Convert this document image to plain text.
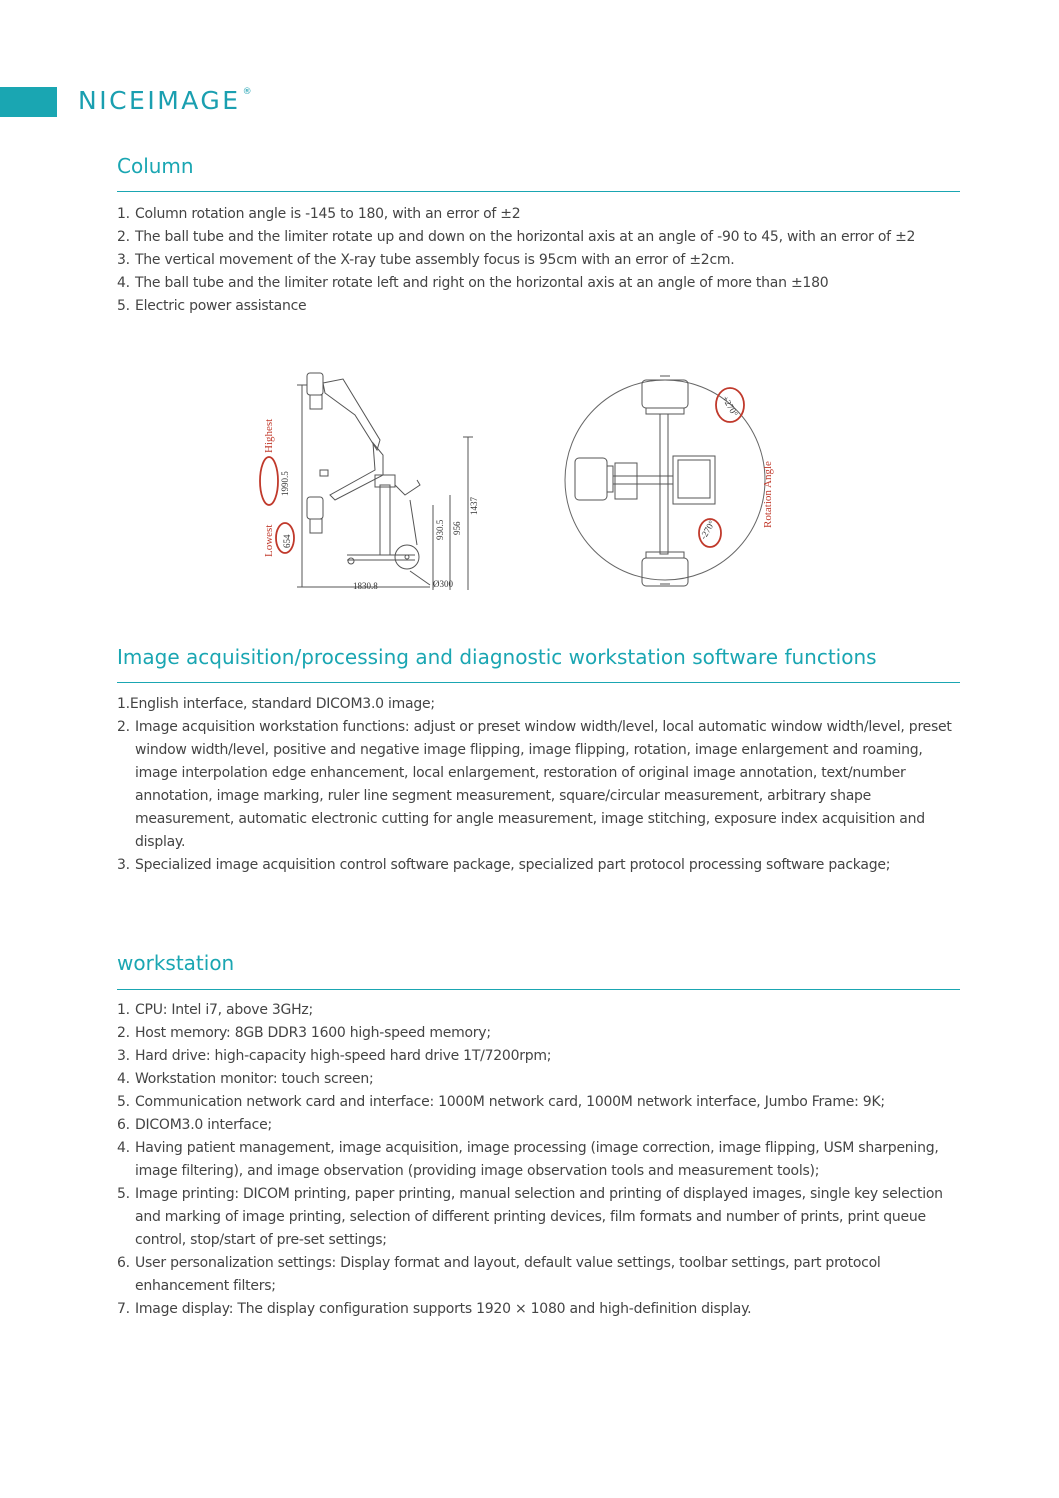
NICEIMAGE ®
Column
1. Column rotation angle is -145 to 180, with an error of ±2
2. The ball tube and the limiter rotate up and down on the horizontal axis at an angle of -90 to 45, with an error of ±2
3. The vertical movement of the X-ray tube assembly focus is 95cm with an error of ±2cm.
4. The ball tube and the limiter rotate left and right on the horizontal axis at an angle of more than ±180
5. Electric power assistance
Highest
Lowest
1990.5
654
930.5 956
1437
1830.8	Ø300
+270°
-270°
Rotation Angle
Image acquisition/processing and diagnostic workstation software functions
1.English interface, standard DICOM3.0 image;
2. Image acquisition workstation functions: adjust or preset window width/level, local automatic window width/level, preset window width/level, positive and negative image flipping, image flipping, rotation, image enlargement and roaming, image interpolation edge enhancement, local enlargement, restoration of original image annotation, text/number annotation, image marking, ruler line segment measurement, square/circular measurement, arbitrary shape measurement, automatic electronic cutting for angle measurement, image stitching, exposure index acquisition and display.
3. Specialized image acquisition control software package, specialized part protocol processing software package;
workstation
1. CPU: Intel i7, above 3GHz;
2. Host memory: 8GB DDR3 1600 high-speed memory;
3. Hard drive: high-capacity high-speed hard drive 1T/7200rpm;
4. Workstation monitor: touch screen;
5. Communication network card and interface: 1000M network card, 1000M network interface, Jumbo Frame: 9K;
6. DICOM3.0 interface;
4. Having patient management, image acquisition, image processing (image correction, image flipping, USM sharpening, image filtering), and image observation (providing image observation tools and measurement tools);
5. Image printing: DICOM printing, paper printing, manual selection and printing of displayed images, single key selection and marking of image printing, selection of different printing devices, film formats and number of prints, print queue control, stop/start of pre-set settings;
6. User personalization settings: Display format and layout, default value settings, toolbar settings, part protocol enhancement filters;
7. Image display: The display configuration supports 1920 × 1080 and high-definition display.
